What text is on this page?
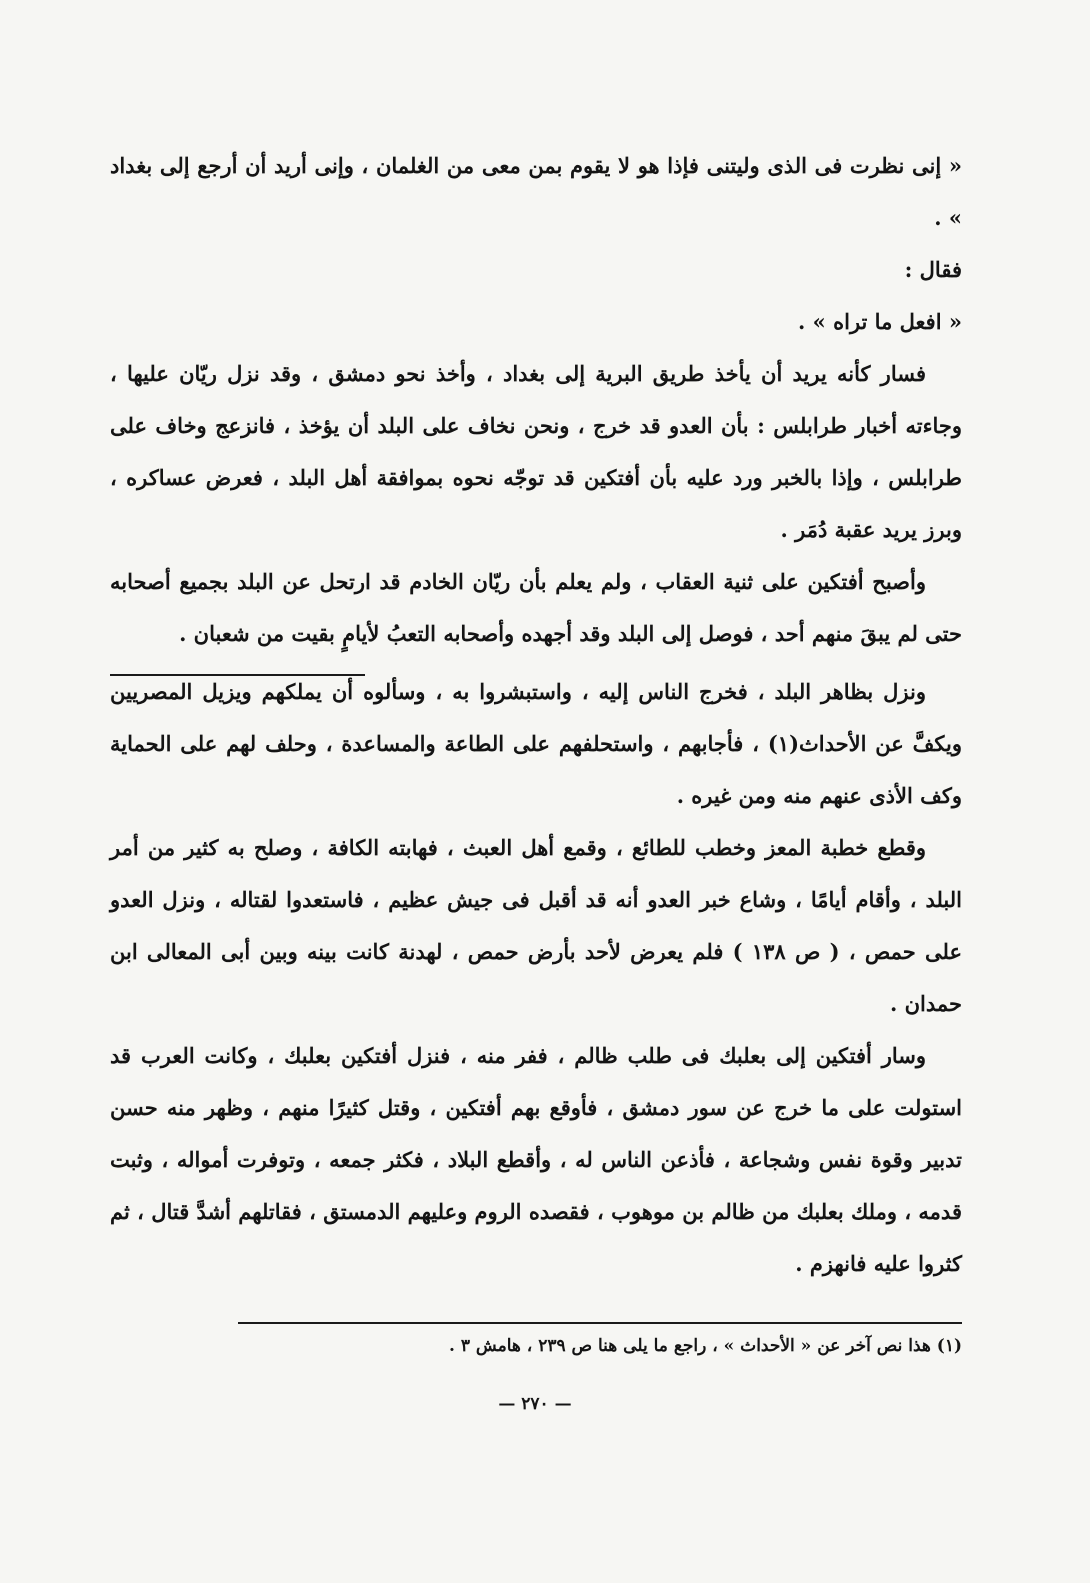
« إنى نظرت فى الذى وليتنى فإذا هو لا يقوم بمن معى من الغلمان ، وإنى أريد أن أرجع إلى بغداد » .

فقال :

« افعل ما تراه » .

فسار كأنه يريد أن يأخذ طريق البرية إلى بغداد ، وأخذ نحو دمشق ، وقد نزل ريّان عليها ، وجاءته أخبار طرابلس : بأن العدو قد خرج ، ونحن نخاف على البلد أن يؤخذ ، فانزعج وخاف على طرابلس ، وإذا بالخبر ورد عليه بأن أفتكين قد توجّه نحوه بموافقة أهل البلد ، فعرض عساكره ، وبرز يريد عقبة دُمَر .

وأصبح أفتكين على ثنية العقاب ، ولم يعلم بأن ريّان الخادم قد ارتحل عن البلد بجميع أصحابه حتى لم يبقَ منهم أحد ، فوصل إلى البلد وقد أجهده وأصحابه التعبُ لأيامٍ بقيت من شعبان .

ونزل بظاهر البلد ، فخرج الناس إليه ، واستبشروا به ، وسألوه أن يملكهم ويزيل المصريين ويكفَّ عن الأحداث(١) ، فأجابهم ، واستحلفهم على الطاعة والمساعدة ، وحلف لهم على الحماية وكف الأذى عنهم منه ومن غيره .

وقطع خطبة المعز وخطب للطائع ، وقمع أهل العبث ، فهابته الكافة ، وصلح به كثير من أمر البلد ، وأقام أيامًا ، وشاع خبر العدو أنه قد أقبل فى جيش عظيم ، فاستعدوا لقتاله ، ونزل العدو على حمص ، ( ص ١٣٨ ) فلم يعرض لأحد بأرض حمص ، لهدنة كانت بينه وبين أبى المعالى ابن حمدان .

وسار أفتكين إلى بعلبك فى طلب ظالم ، ففر منه ، فنزل أفتكين بعلبك ، وكانت العرب قد استولت على ما خرج عن سور دمشق ، فأوقع بهم أفتكين ، وقتل كثيرًا منهم ، وظهر منه حسن تدبير وقوة نفس وشجاعة ، فأذعن الناس له ، وأقطع البلاد ، فكثر جمعه ، وتوفرت أمواله ، وثبت قدمه ، وملك بعلبك من ظالم بن موهوب ، فقصده الروم وعليهم الدمستق ، فقاتلهم أشدَّ قتال ، ثم كثروا عليه فانهزم .

(١) هذا نص آخر عن « الأحداث » ، راجع ما يلى هنا ص ٢٣٩ ، هامش ٣ .
— ٢٧٠ —
